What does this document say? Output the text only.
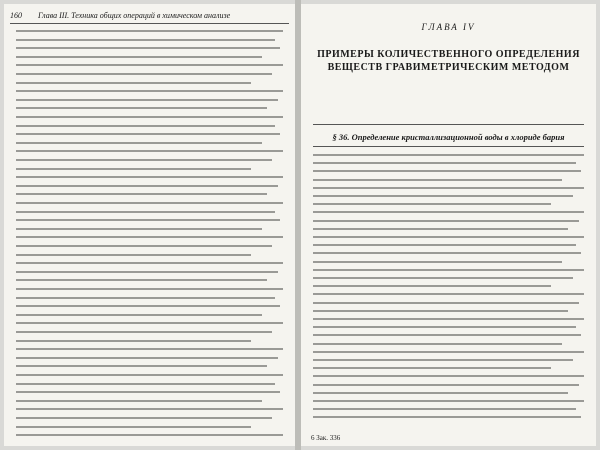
160 Глава III. Техника общих операций в химическом анализе
ГЛАВА IV
ПРИМЕРЫ КОЛИЧЕСТВЕННОГО ОПРЕДЕЛЕНИЯ ВЕЩЕСТВ ГРАВИМЕТРИЧЕСКИМ МЕТОДОМ
§ 36. Определение кристаллизационной воды в хлориде бария
6 Зак. 336
